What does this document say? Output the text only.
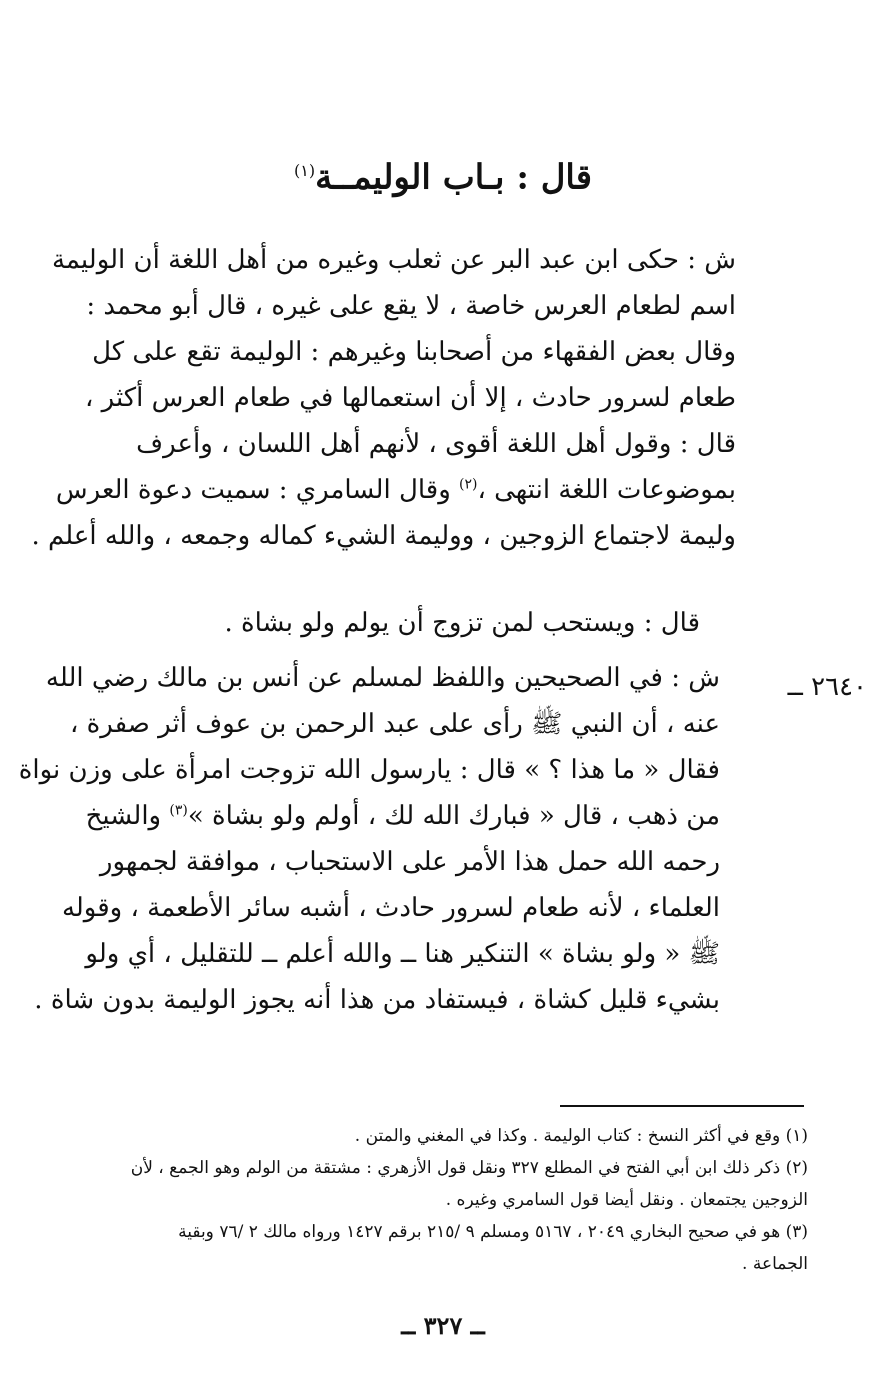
قال : بـاب الوليمــة$^{(١)}$
ش : حكى ابن عبد البر عن ثعلب وغيره من أهل اللغة أن الوليمة
اسم لطعام العرس خاصة ، لا يقع على غيره ، قال أبو محمد :
وقال بعض الفقهاء من أصحابنا وغيرهم : الوليمة تقع على كل
طعام لسرور حادث ، إلا أن استعمالها في طعام العرس أكثر ،
قال : وقول أهل اللغة أقوى ، لأنهم أهل اللسان ، وأعرف
بموضوعات اللغة انتهى ،$^{(٢)}$ وقال السامري : سميت دعوة العرس
وليمة لاجتماع الزوجين ، ووليمة الشيء كماله وجمعه ، والله أعلم .
قال : ويستحب لمن تزوج أن يولم ولو بشاة .
٢٦٤٠ ــ
ش : في الصحيحين واللفظ لمسلم عن أنس بن مالك رضي الله
عنه ، أن النبي ﷺ رأى على عبد الرحمن بن عوف أثر صفرة ،
فقال « ما هذا ؟ » قال : يارسول الله تزوجت امرأة على وزن نواة
من ذهب ، قال « فبارك الله لك ، أولم ولو بشاة »$^{(٣)}$ والشيخ
رحمه الله حمل هذا الأمر على الاستحباب ، موافقة لجمهور
العلماء ، لأنه طعام لسرور حادث ، أشبه سائر الأطعمة ، وقوله
ﷺ « ولو بشاة » التنكير هنا ــ والله أعلم ــ للتقليل ، أي ولو
بشيء قليل كشاة ، فيستفاد من هذا أنه يجوز الوليمة بدون شاة .
(١) وقع في أكثر النسخ : كتاب الوليمة . وكذا في المغني والمتن .
(٢) ذكر ذلك ابن أبي الفتح في المطلع ٣٢٧ ونقل قول الأزهري : مشتقة من الولم وهو الجمع ، لأن
الزوجين يجتمعان . ونقل أيضا قول السامري وغيره .
(٣) هو في صحيح البخاري ٢٠٤٩ ، ٥١٦٧ ومسلم ٩ /٢١٥ برقم ١٤٢٧ ورواه مالك ٢ /٧٦ وبقية
الجماعة .
ــ ٣٢٧ ــ
